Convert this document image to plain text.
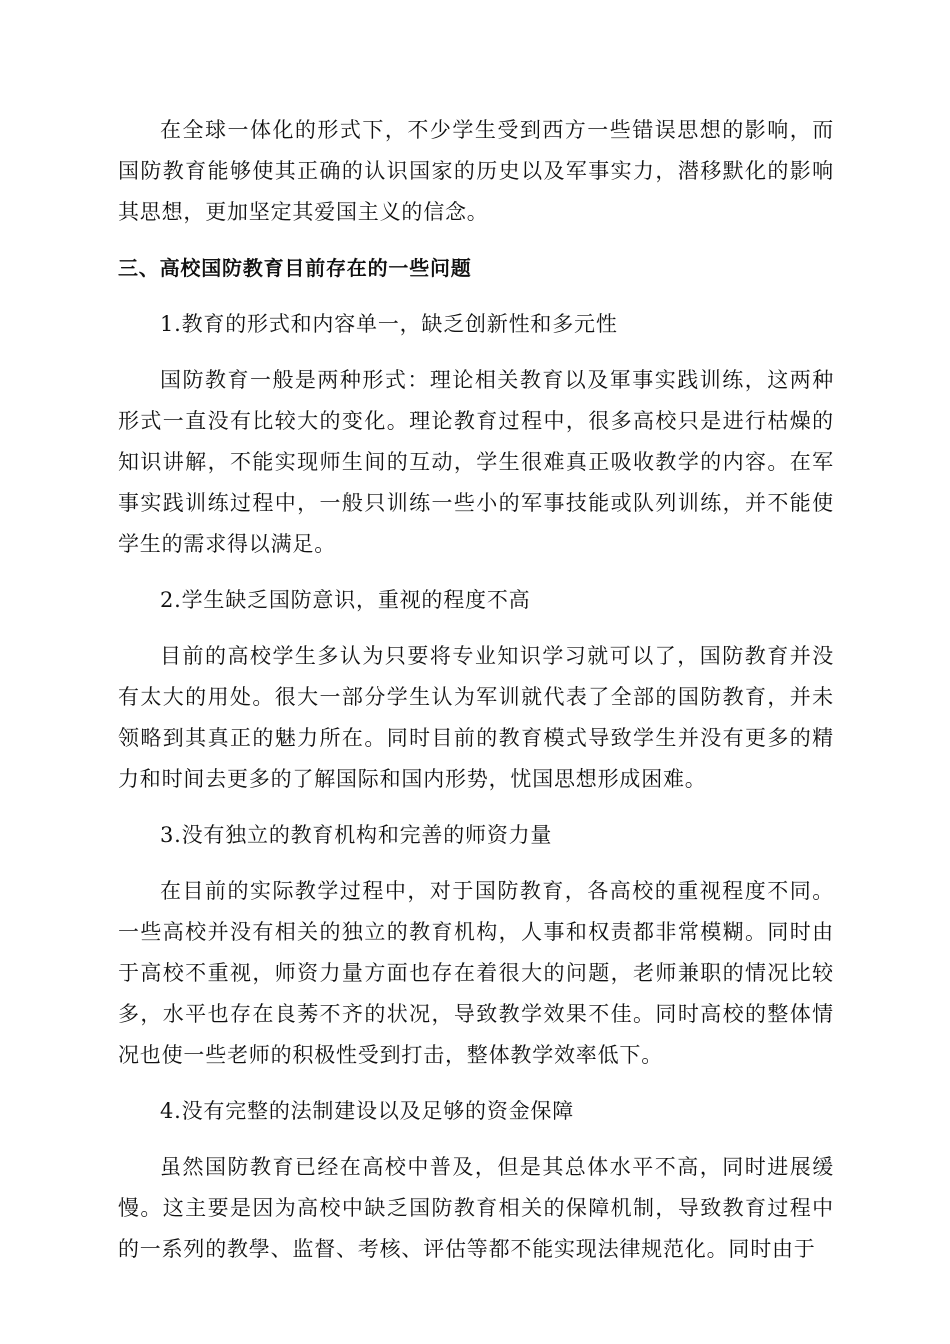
在全球一体化的形式下，不少学生受到西方一些错误思想的影响，而国防教育能够使其正确的认识国家的历史以及军事实力，潜移默化的影响其思想，更加坚定其爱国主义的信念。

三、高校国防教育目前存在的一些问题

1.教育的形式和内容单一，缺乏创新性和多元性

国防教育一般是两种形式：理论相关教育以及軍事实践训练，这两种形式一直没有比较大的变化。理论教育过程中，很多高校只是进行枯燥的知识讲解，不能实现师生间的互动，学生很难真正吸收教学的内容。在军事实践训练过程中，一般只训练一些小的军事技能或队列训练，并不能使学生的需求得以满足。

2.学生缺乏国防意识，重视的程度不高

目前的高校学生多认为只要将专业知识学习就可以了，国防教育并没有太大的用处。很大一部分学生认为军训就代表了全部的国防教育，并未领略到其真正的魅力所在。同时目前的教育模式导致学生并没有更多的精力和时间去更多的了解国际和国内形势，忧国思想形成困难。

3.没有独立的教育机构和完善的师资力量

在目前的实际教学过程中，对于国防教育，各高校的重视程度不同。一些高校并没有相关的独立的教育机构，人事和权责都非常模糊。同时由于高校不重视，师资力量方面也存在着很大的问题，老师兼职的情况比较多，水平也存在良莠不齐的状况，导致教学效果不佳。同时高校的整体情况也使一些老师的积极性受到打击，整体教学效率低下。

4.没有完整的法制建设以及足够的资金保障

虽然国防教育已经在高校中普及，但是其总体水平不高，同时进展缓慢。这主要是因为高校中缺乏国防教育相关的保障机制，导致教育过程中的一系列的教學、监督、考核、评估等都不能实现法律规范化。同时由于
